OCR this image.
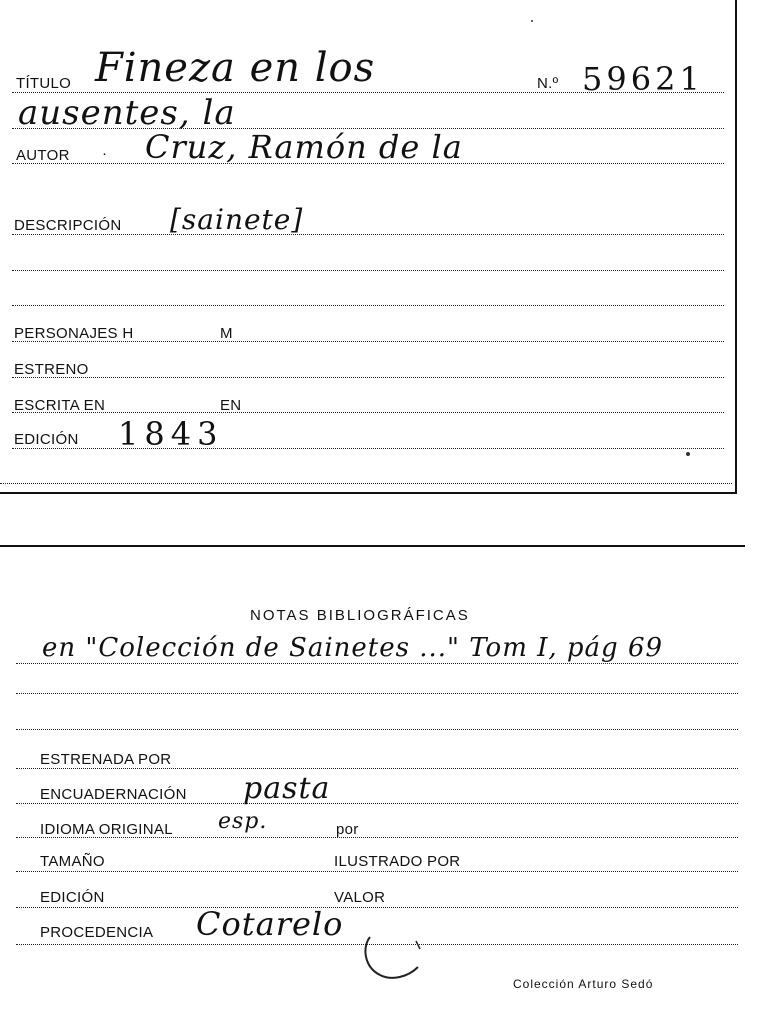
TÍTULO Fineza en los	N.º 59621
ausentes, la
AUTOR · Cruz, Ramón de la
DESCRIPCIÓN [sainete]
PERSONAJES H	M
ESTRENO
ESCRITA EN	EN
EDICIÓN 1843
NOTAS BIBLIOGRÁFICAS
en "Colección de Sainetes ..." Tom I, pág 69
ESTRENADA POR
ENCUADERNACIÓN pasta
IDIOMA ORIGINAL esp.	por
TAMAÑO	ILUSTRADO POR
EDICIÓN	VALOR
PROCEDENCIA Cotarelo
Colección Arturo Sedó
